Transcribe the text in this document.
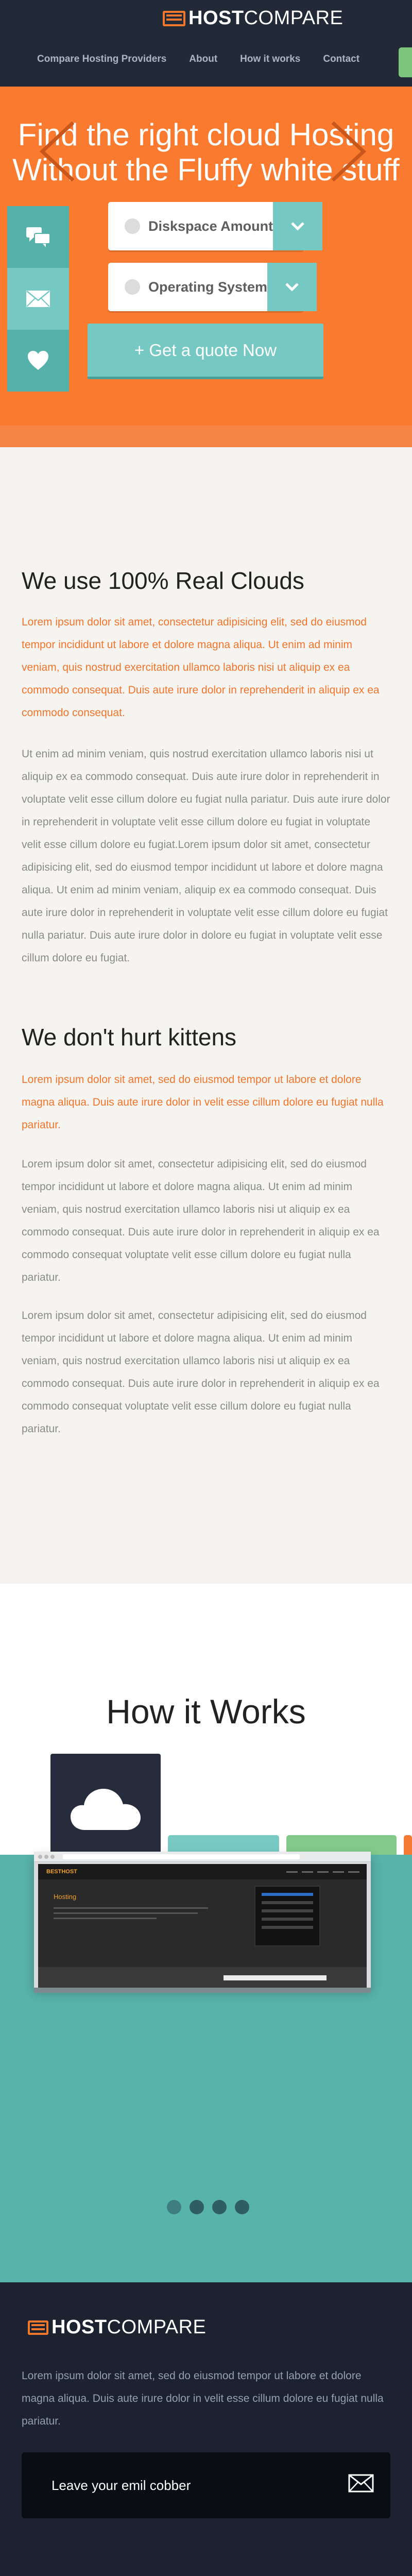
HOSTCOMPARE
Compare Hosting Providers About How it works Contact
Find the right cloud Hosting
Without the Fluffy white stuff
Diskspace Amount
Operating System
+ Get a quote Now
We use 100% Real Clouds

Lorem ipsum dolor sit amet, consectetur adipisicing elit, sed do eiusmod tempor incididunt ut labore et dolore magna aliqua. Ut enim ad minim veniam, quis nostrud exercitation ullamco laboris nisi ut aliquip ex ea commodo consequat. Duis aute irure dolor in reprehenderit in aliquip ex ea commodo consequat.

Ut enim ad minim veniam, quis nostrud exercitation ullamco laboris nisi ut aliquip ex ea commodo consequat. Duis aute irure dolor in reprehenderit in voluptate velit esse cillum dolore eu fugiat nulla pariatur. Duis aute irure dolor in reprehenderit in voluptate velit esse cillum dolore eu fugiat in voluptate velit esse cillum dolore eu fugiat.Lorem ipsum dolor sit amet, consectetur adipisicing elit, sed do eiusmod tempor incididunt ut labore et dolore magna aliqua. Ut enim ad minim veniam, aliquip ex ea commodo consequat. Duis aute irure dolor in reprehenderit in voluptate velit esse cillum dolore eu fugiat nulla pariatur. Duis aute irure dolor in dolore eu fugiat in voluptate velit esse cillum dolore eu fugiat.

We don't hurt kittens

Lorem ipsum dolor sit amet, sed do eiusmod tempor ut labore et dolore magna aliqua. Duis aute irure dolor in velit esse cillum dolore eu fugiat nulla pariatur.

Lorem ipsum dolor sit amet, consectetur adipisicing elit, sed do eiusmod tempor incididunt ut labore et dolore magna aliqua. Ut enim ad minim veniam, quis nostrud exercitation ullamco laboris nisi ut aliquip ex ea commodo consequat. Duis aute irure dolor in reprehenderit in aliquip ex ea commodo consequat voluptate velit esse cillum dolore eu fugiat nulla pariatur.

Lorem ipsum dolor sit amet, consectetur adipisicing elit, sed do eiusmod tempor incididunt ut labore et dolore magna aliqua. Ut enim ad minim veniam, quis nostrud exercitation ullamco laboris nisi ut aliquip ex ea commodo consequat. Duis aute irure dolor in reprehenderit in aliquip ex ea commodo consequat voluptate velit esse cillum dolore eu fugiat nulla pariatur.

How it Works
BESTHOST
Hosting
HOSTCOMPARE

Lorem ipsum dolor sit amet, sed do eiusmod tempor ut labore et dolore magna aliqua. Duis aute irure dolor in velit esse cillum dolore eu fugiat nulla pariatur.

Leave your emil cobber
